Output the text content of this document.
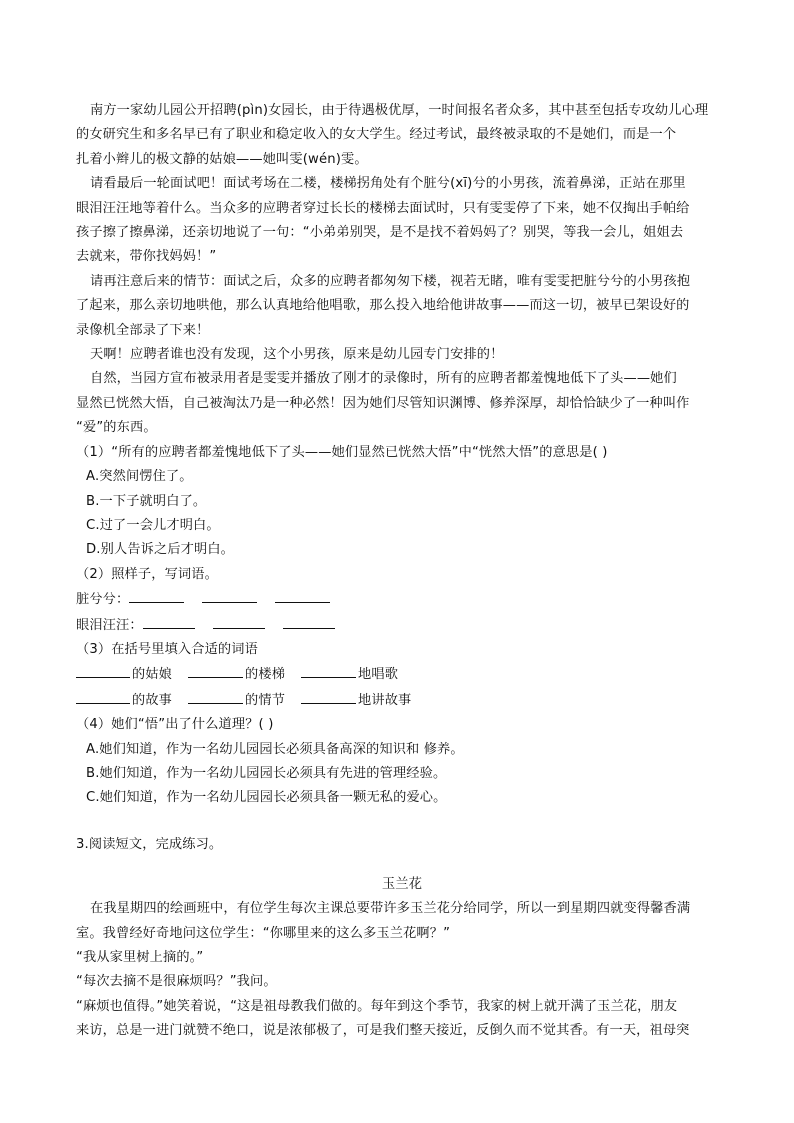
南方一家幼儿园公开招聘(pìn)女园长，由于待遇极优厚，一时间报名者众多，其中甚至包括专攻幼儿心理
的女研究生和多名早已有了职业和稳定收入的女大学生。经过考试，最终被录取的不是她们，而是一个
扎着小辫儿的极文静的姑娘——她叫雯(wén)雯。
请看最后一轮面试吧！面试考场在二楼，楼梯拐角处有个脏兮(xī)兮的小男孩，流着鼻涕，正站在那里
眼泪汪汪地等着什么。当众多的应聘者穿过长长的楼梯去面试时，只有雯雯停了下来，她不仅掏出手帕给
孩子擦了擦鼻涕，还亲切地说了一句：“小弟弟别哭，是不是找不着妈妈了？别哭，等我一会儿，姐姐去
去就来，带你找妈妈！”
请再注意后来的情节：面试之后，众多的应聘者都匆匆下楼，视若无睹，唯有雯雯把脏兮兮的小男孩抱
了起来，那么亲切地哄他，那么认真地给他唱歌，那么投入地给他讲故事——而这一切，被早已架设好的
录像机全部录了下来！
天啊！应聘者谁也没有发现，这个小男孩，原来是幼儿园专门安排的！
自然，当园方宣布被录用者是雯雯并播放了刚才的录像时，所有的应聘者都羞愧地低下了头——她们
显然已恍然大悟，自己被淘汰乃是一种必然！因为她们尽管知识渊博、修养深厚，却恰恰缺少了一种叫作
“爱”的东西。
（1）“所有的应聘者都羞愧地低下了头——她们显然已恍然大悟”中“恍然大悟”的意思是( )
A.突然间愣住了。
B.一下子就明白了。
C.过了一会儿才明白。
D.别人告诉之后才明白。
（2）照样子，写词语。
脏兮兮：
眼泪汪汪：
（3）在括号里填入合适的词语
的姑娘	的楼梯	地唱歌
的故事	的情节	地讲故事
（4）她们“悟”出了什么道理？( )
A.她们知道，作为一名幼儿园园长必须具备高深的知识和 修养。
B.她们知道，作为一名幼儿园园长必须具有先进的管理经验。
C.她们知道，作为一名幼儿园园长必须具备一颗无私的爱心。
3.阅读短文，完成练习。
玉兰花
在我星期四的绘画班中，有位学生每次主课总要带许多玉兰花分给同学，所以一到星期四就变得馨香满
室。我曾经好奇地问这位学生：“你哪里来的这么多玉兰花啊？”
“我从家里树上摘的。”
“每次去摘不是很麻烦吗？”我问。
“麻烦也值得。”她笑着说，“这是祖母教我们做的。每年到这个季节，我家的树上就开满了玉兰花，朋友
来访，总是一进门就赞不绝口，说是浓郁极了，可是我们整天接近，反倒久而不觉其香。有一天，祖母突
